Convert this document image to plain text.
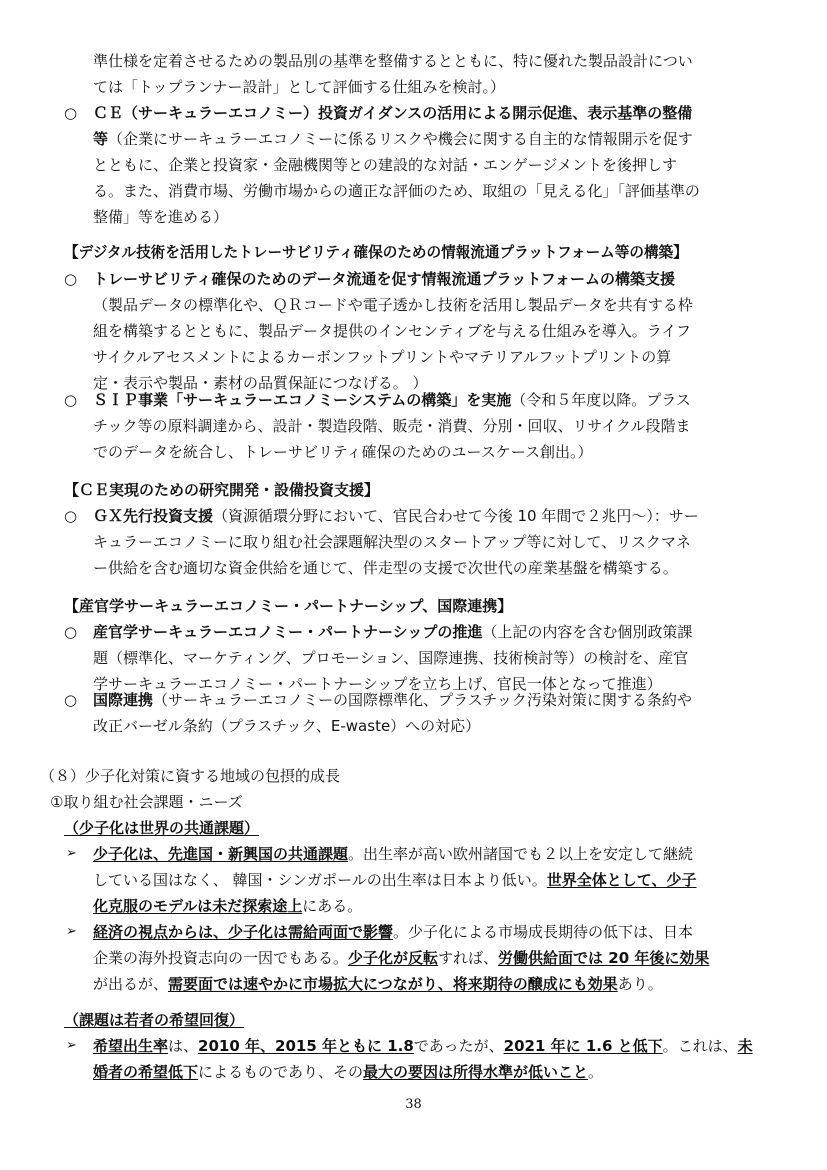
準仕様を定着させるための製品別の基準を整備するとともに、特に優れた製品設計につい
ては「トップランナー設計」として評価する仕組みを検討。）
○	ＣＥ（サーキュラーエコノミー）投資ガイダンスの活用による開示促進、表示基準の整備
等（企業にサーキュラーエコノミーに係るリスクや機会に関する自主的な情報開示を促す
とともに、企業と投資家・金融機関等との建設的な対話・エンゲージメントを後押しす
る。また、消費市場、労働市場からの適正な評価のため、取組の「見える化」「評価基準の
整備」等を進める）
【デジタル技術を活用したトレーサビリティ確保のための情報流通プラットフォーム等の構築】
○	トレーサビリティ確保のためのデータ流通を促す情報流通プラットフォームの構築支援
（製品データの標準化や、ＱＲコードや電子透かし技術を活用し製品データを共有する枠
組を構築するとともに、製品データ提供のインセンティブを与える仕組みを導入。ライフ
サイクルアセスメントによるカーボンフットプリントやマテリアルフットプリントの算
定・表示や製品・素材の品質保証につなげる。 ）
○	ＳＩＰ事業「サーキュラーエコノミーシステムの構築」を実施（令和５年度以降。プラス
チック等の原料調達から、設計・製造段階、販売・消費、分別・回収、リサイクル段階ま
でのデータを統合し、トレーサビリティ確保のためのユースケース創出。）
【ＣＥ実現のための研究開発・設備投資支援】
○	ＧＸ先行投資支援（資源循環分野において、官民合わせて今後 10 年間で２兆円〜）：サー
キュラーエコノミーに取り組む社会課題解決型のスタートアップ等に対して、リスクマネ
ー供給を含む適切な資金供給を通じて、伴走型の支援で次世代の産業基盤を構築する。
【産官学サーキュラーエコノミー・パートナーシップ、国際連携】
○	産官学サーキュラーエコノミー・パートナーシップの推進（上記の内容を含む個別政策課
題（標準化、マーケティング、プロモーション、国際連携、技術検討等）の検討を、産官
学サーキュラーエコノミー・パートナーシップを立ち上げ、官民一体となって推進）
○	国際連携（サーキュラーエコノミーの国際標準化、プラスチック汚染対策に関する条約や
改正バーゼル条約（プラスチック、E-waste）への対応）
（８）少子化対策に資する地域の包摂的成長
①取り組む社会課題・ニーズ
（少子化は世界の共通課題）
➢ 少子化は、先進国・新興国の共通課題。出生率が高い欧州諸国でも２以上を安定して継続
している国はなく、 韓国・シンガポールの出生率は日本より低い。世界全体として、少子
化克服のモデルは未だ探索途上にある。
➢ 経済の視点からは、少子化は需給両面で影響。少子化による市場成長期待の低下は、日本
企業の海外投資志向の一因でもある。少子化が反転すれば、労働供給面では 20 年後に効果
が出るが、需要面では速やかに市場拡大につながり、将来期待の醸成にも効果あり。
（課題は若者の希望回復）
➢ 希望出生率は、2010 年、2015 年ともに 1.8であったが、2021 年に 1.6 と低下。これは、未
婚者の希望低下によるものであり、その最大の要因は所得水準が低いこと。
38
